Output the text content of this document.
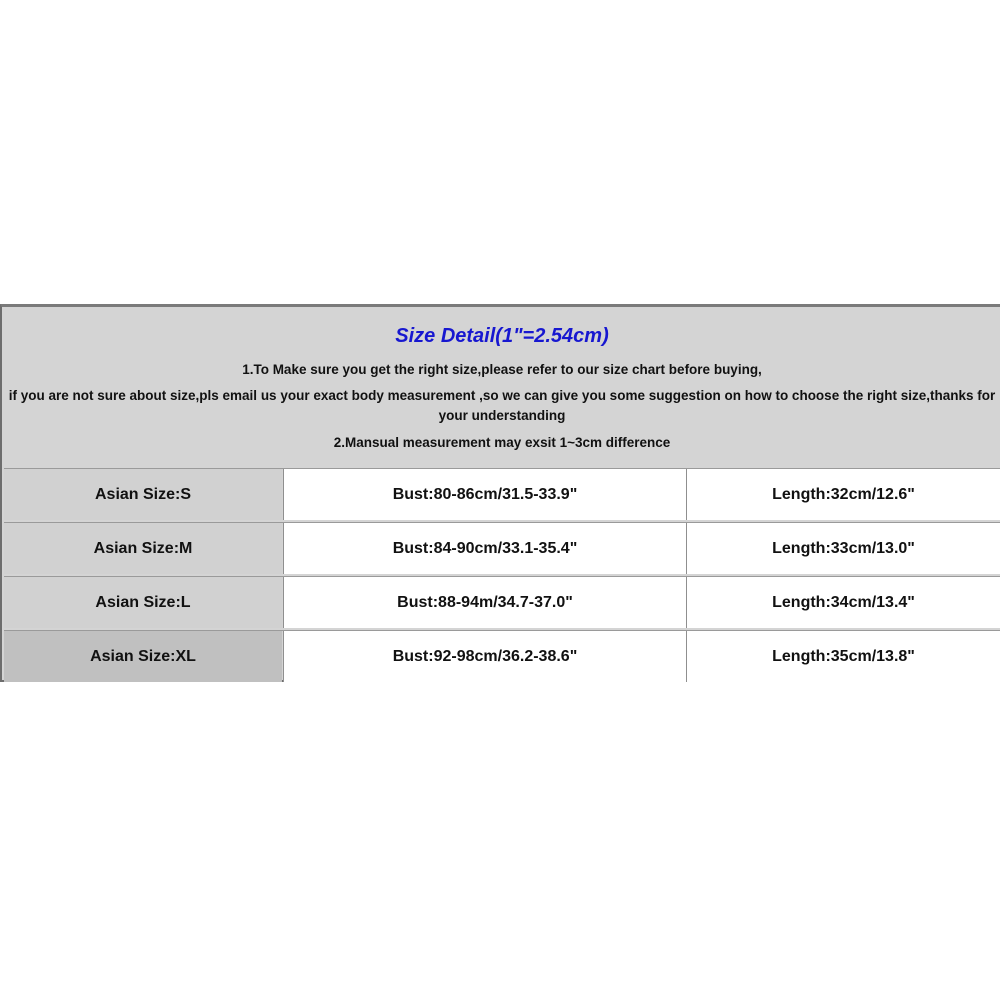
Size Detail(1"=2.54cm)
1.To Make sure you get the right size,please refer to our size chart before buying,
if you are not sure about size,pls email us your exact body measurement ,so we can give you some suggestion on how to choose the right size,thanks for your understanding
2.Mansual measurement may exsit 1~3cm difference
Asian Size:S	Bust:80-86cm/31.5-33.9"	Length:32cm/12.6"
Asian Size:M	Bust:84-90cm/33.1-35.4"	Length:33cm/13.0"
Asian Size:L	Bust:88-94m/34.7-37.0"	Length:34cm/13.4"
Asian Size:XL	Bust:92-98cm/36.2-38.6"	Length:35cm/13.8"
